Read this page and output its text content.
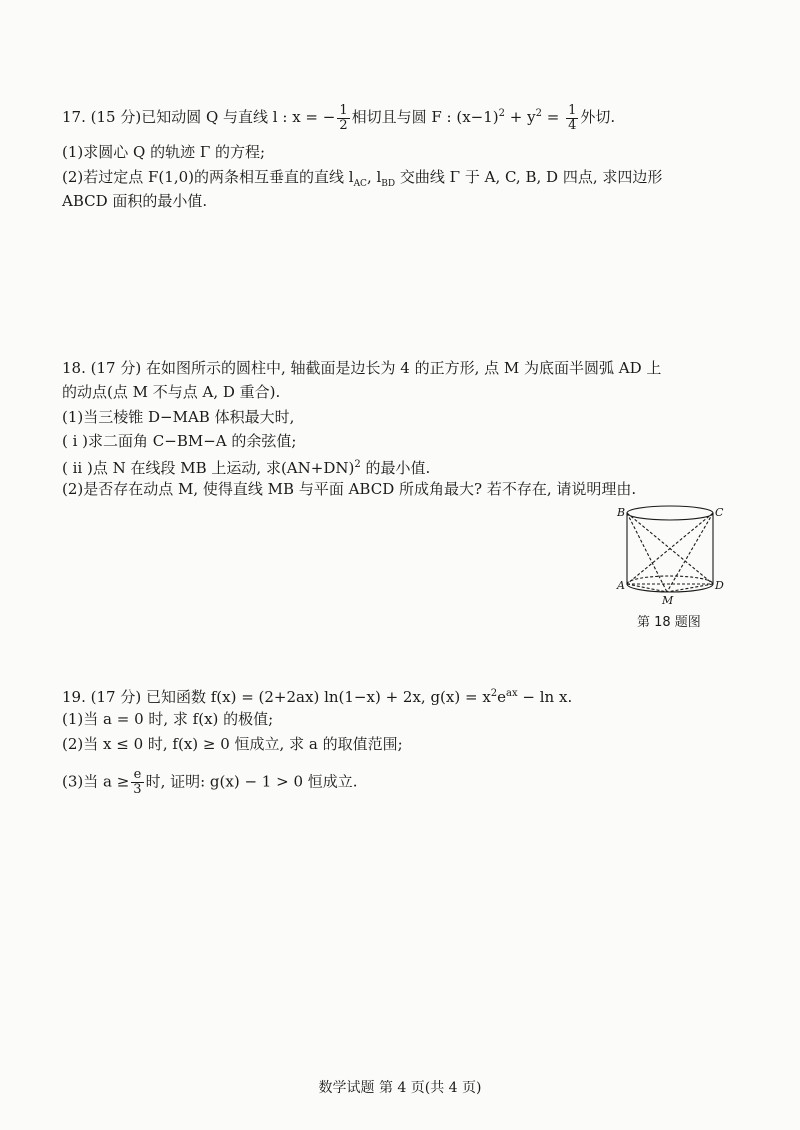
17. (15 分)已知动圆 Q 与直线 l : x = − $\frac{1}{2}$ 相切且与圆 F : $(x-1)^2 + y^2 = \frac{1}{4}$ 外切.
(1)求圆心 Q 的轨迹 Γ 的方程;
(2)若过定点 F(1,0)的两条相互垂直的直线 $l_{AC}$, $l_{BD}$ 交曲线 Γ 于 A, C, B, D 四点, 求四边形
ABCD 面积的最小值.
18. (17 分) 在如图所示的圆柱中, 轴截面是边长为 4 的正方形, 点 M 为底面半圆弧 AD 上
的动点(点 M 不与点 A, D 重合).
(1)当三棱锥 D−MAB 体积最大时,
( ⅰ )求二面角 C−BM−A 的余弦值;
( ⅱ )点 N 在线段 MB 上运动, 求$(AN+DN)^2$ 的最小值.
(2)是否存在动点 M, 使得直线 MB 与平面 ABCD 所成角最大? 若不存在, 请说明理由.
B	C
A	D
M
第 18 题图
19. (17 分) 已知函数 f(x) = (2+2ax) ln(1−x) + 2x, $g(x) = x^2e^{ax} - \ln x$.
(1)当 a = 0 时, 求 f(x) 的极值;
(2)当 x ≤ 0 时, f(x) ≥ 0 恒成立, 求 a 的取值范围;
(3)当 $a \ge \frac{e}{3}$ 时, 证明: g(x) − 1 > 0 恒成立.
数学试题 第 4 页(共 4 页)
